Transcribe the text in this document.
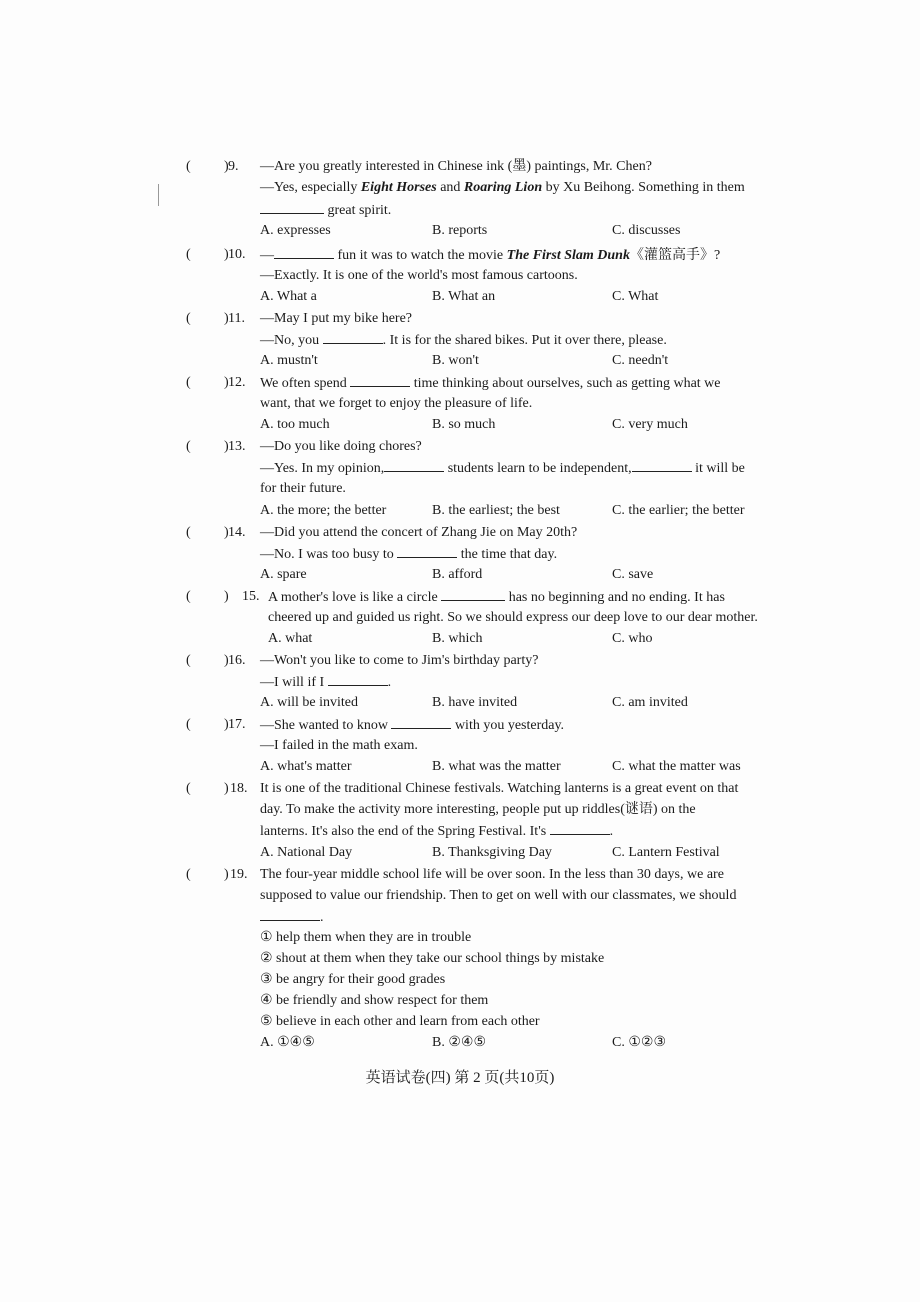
( ) 9. —Are you greatly interested in Chinese ink (墨) paintings, Mr. Chen?
—Yes, especially Eight Horses and Roaring Lion by Xu Beihong. Something in them
great spirit.
A. expresses	B. reports	C. discusses
( ) 10. —	fun it was to watch the movie The First Slam Dunk《灌篮高手》?
—Exactly. It is one of the world's most famous cartoons.
A. What a	B. What an	C. What
( ) 11. —May I put my bike here?
—No, you	. It is for the shared bikes. Put it over there, please.
A. mustn't	B. won't	C. needn't
( ) 12. We often spend	time thinking about ourselves, such as getting what we
want, that we forget to enjoy the pleasure of life.
A. too much	B. so much	C. very much
( ) 13. —Do you like doing chores?
—Yes. In my opinion,	students learn to be independent,	it will be
for their future.
A. the more; the better	B. the earliest; the best	C. the earlier; the better
( ) 14. —Did you attend the concert of Zhang Jie on May 20th?
—No. I was too busy to	the time that day.
A. spare	B. afford	C. save
( ) 15. A mother's love is like a circle	has no beginning and no ending. It has
cheered up and guided us right. So we should express our deep love to our dear mother.
A. what	B. which	C. who
( ) 16. —Won't you like to come to Jim's birthday party?
—I will if I	.
A. will be invited	B. have invited	C. am invited
( ) 17. —She wanted to know	with you yesterday.
—I failed in the math exam.
A. what's matter	B. what was the matter	C. what the matter was
( ) 18. It is one of the traditional Chinese festivals. Watching lanterns is a great event on that
day. To make the activity more interesting, people put up riddles(谜语) on the
lanterns. It's also the end of the Spring Festival. It's	.
A. National Day	B. Thanksgiving Day	C. Lantern Festival
( ) 19. The four-year middle school life will be over soon. In the less than 30 days, we are
supposed to value our friendship. Then to get on well with our classmates, we should
.
① help them when they are in trouble
② shout at them when they take our school things by mistake
③ be angry for their good grades
④ be friendly and show respect for them
⑤ believe in each other and learn from each other
A. ①④⑤	B. ②④⑤	C. ①②③
英语试卷(四) 第 2 页(共10页)
